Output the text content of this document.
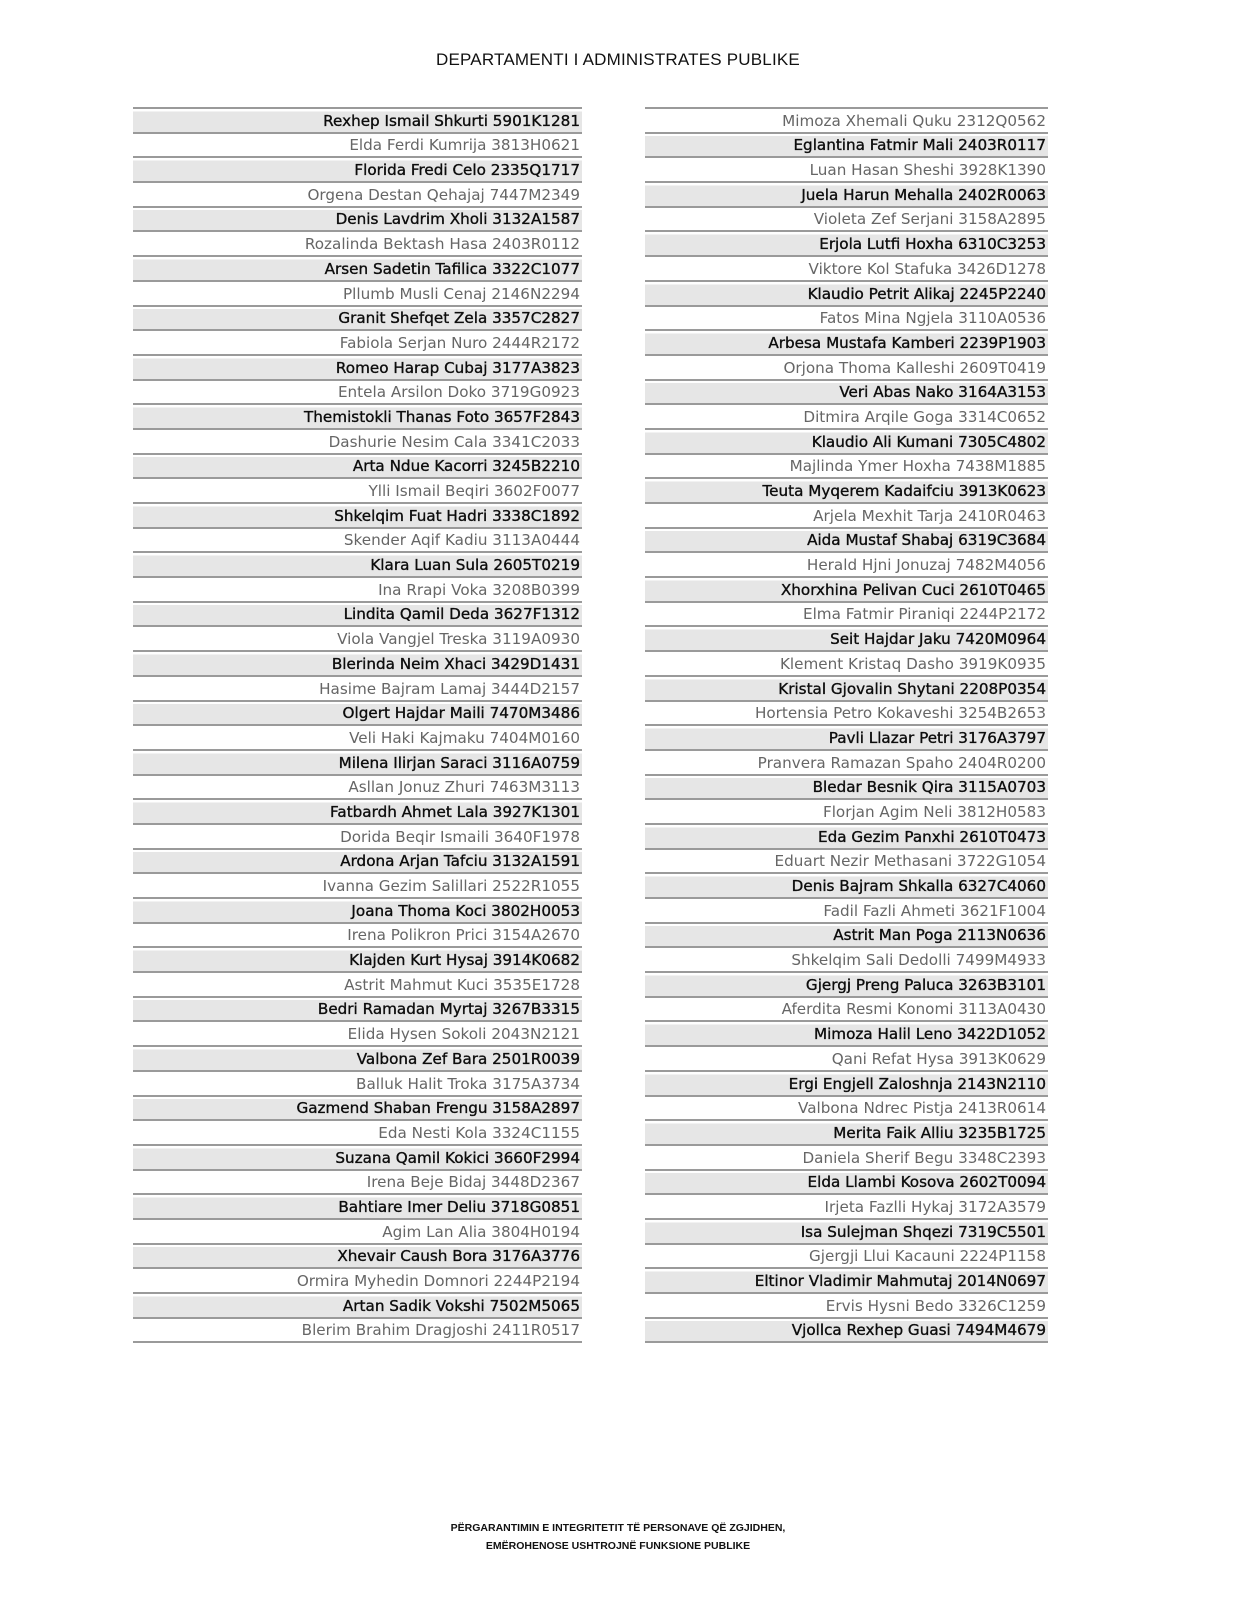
DEPARTAMENTI I ADMINISTRATES PUBLIKE
Rexhep Ismail Shkurti 5901K1281
Elda Ferdi Kumrija 3813H0621
Florida Fredi Celo 2335Q1717
Orgena Destan Qehajaj 7447M2349
Denis Lavdrim Xholi 3132A1587
Rozalinda Bektash Hasa 2403R0112
Arsen Sadetin Tafilica 3322C1077
Pllumb Musli Cenaj 2146N2294
Granit Shefqet Zela 3357C2827
Fabiola Serjan Nuro 2444R2172
Romeo Harap Cubaj 3177A3823
Entela Arsilon Doko 3719G0923
Themistokli Thanas Foto 3657F2843
Dashurie Nesim Cala 3341C2033
Arta Ndue Kacorri 3245B2210
Ylli Ismail Beqiri 3602F0077
Shkelqim Fuat Hadri 3338C1892
Skender Aqif Kadiu 3113A0444
Klara Luan Sula 2605T0219
Ina Rrapi Voka 3208B0399
Lindita Qamil Deda 3627F1312
Viola Vangjel Treska 3119A0930
Blerinda Neim Xhaci 3429D1431
Hasime Bajram Lamaj 3444D2157
Olgert Hajdar Maili 7470M3486
Veli Haki Kajmaku 7404M0160
Milena Ilirjan Saraci 3116A0759
Asllan Jonuz Zhuri 7463M3113
Fatbardh Ahmet Lala 3927K1301
Dorida Beqir Ismaili 3640F1978
Ardona Arjan Tafciu 3132A1591
Ivanna Gezim Salillari 2522R1055
Joana Thoma Koci 3802H0053
Irena Polikron Prici 3154A2670
Klajden Kurt Hysaj 3914K0682
Astrit Mahmut Kuci 3535E1728
Bedri Ramadan Myrtaj 3267B3315
Elida Hysen Sokoli 2043N2121
Valbona Zef Bara 2501R0039
Balluk Halit Troka 3175A3734
Gazmend Shaban Frengu 3158A2897
Eda Nesti Kola 3324C1155
Suzana Qamil Kokici 3660F2994
Irena Beje Bidaj 3448D2367
Bahtiare Imer Deliu 3718G0851
Agim Lan Alia 3804H0194
Xhevair Caush Bora 3176A3776
Ormira Myhedin Domnori 2244P2194
Artan Sadik Vokshi 7502M5065
Blerim Brahim Dragjoshi 2411R0517
Mimoza Xhemali Quku 2312Q0562
Eglantina Fatmir Mali 2403R0117
Luan Hasan Sheshi 3928K1390
Juela Harun Mehalla 2402R0063
Violeta Zef Serjani 3158A2895
Erjola Lutfi Hoxha 6310C3253
Viktore Kol Stafuka 3426D1278
Klaudio Petrit Alikaj 2245P2240
Fatos Mina Ngjela 3110A0536
Arbesa Mustafa Kamberi 2239P1903
Orjona Thoma Kalleshi 2609T0419
Veri Abas Nako 3164A3153
Ditmira Arqile Goga 3314C0652
Klaudio Ali Kumani 7305C4802
Majlinda Ymer Hoxha 7438M1885
Teuta Myqerem Kadaifciu 3913K0623
Arjela Mexhit Tarja 2410R0463
Aida Mustaf Shabaj 6319C3684
Herald Hjni Jonuzaj 7482M4056
Xhorxhina Pelivan Cuci 2610T0465
Elma Fatmir Piraniqi 2244P2172
Seit Hajdar Jaku 7420M0964
Klement Kristaq Dasho 3919K0935
Kristal Gjovalin Shytani 2208P0354
Hortensia Petro Kokaveshi 3254B2653
Pavli Llazar Petri 3176A3797
Pranvera Ramazan Spaho 2404R0200
Bledar Besnik Qira 3115A0703
Florjan Agim Neli 3812H0583
Eda Gezim Panxhi 2610T0473
Eduart Nezir Methasani 3722G1054
Denis Bajram Shkalla 6327C4060
Fadil Fazli Ahmeti 3621F1004
Astrit Man Poga 2113N0636
Shkelqim Sali Dedolli 7499M4933
Gjergj Preng Paluca 3263B3101
Aferdita Resmi Konomi 3113A0430
Mimoza Halil Leno 3422D1052
Qani Refat Hysa 3913K0629
Ergi Engjell Zaloshnja 2143N2110
Valbona Ndrec Pistja 2413R0614
Merita Faik Alliu 3235B1725
Daniela Sherif Begu 3348C2393
Elda Llambi Kosova 2602T0094
Irjeta Fazlli Hykaj 3172A3579
Isa Sulejman Shqezi 7319C5501
Gjergji Llui Kacauni 2224P1158
Eltinor Vladimir Mahmutaj 2014N0697
Ervis Hysni Bedo 3326C1259
Vjollca Rexhep Guasi 7494M4679
PËRGARANTIMIN E INTEGRITETIT TË PERSONAVE QË ZGJIDHEN,
EMËROHENOSE USHTROJNË FUNKSIONE PUBLIKE
